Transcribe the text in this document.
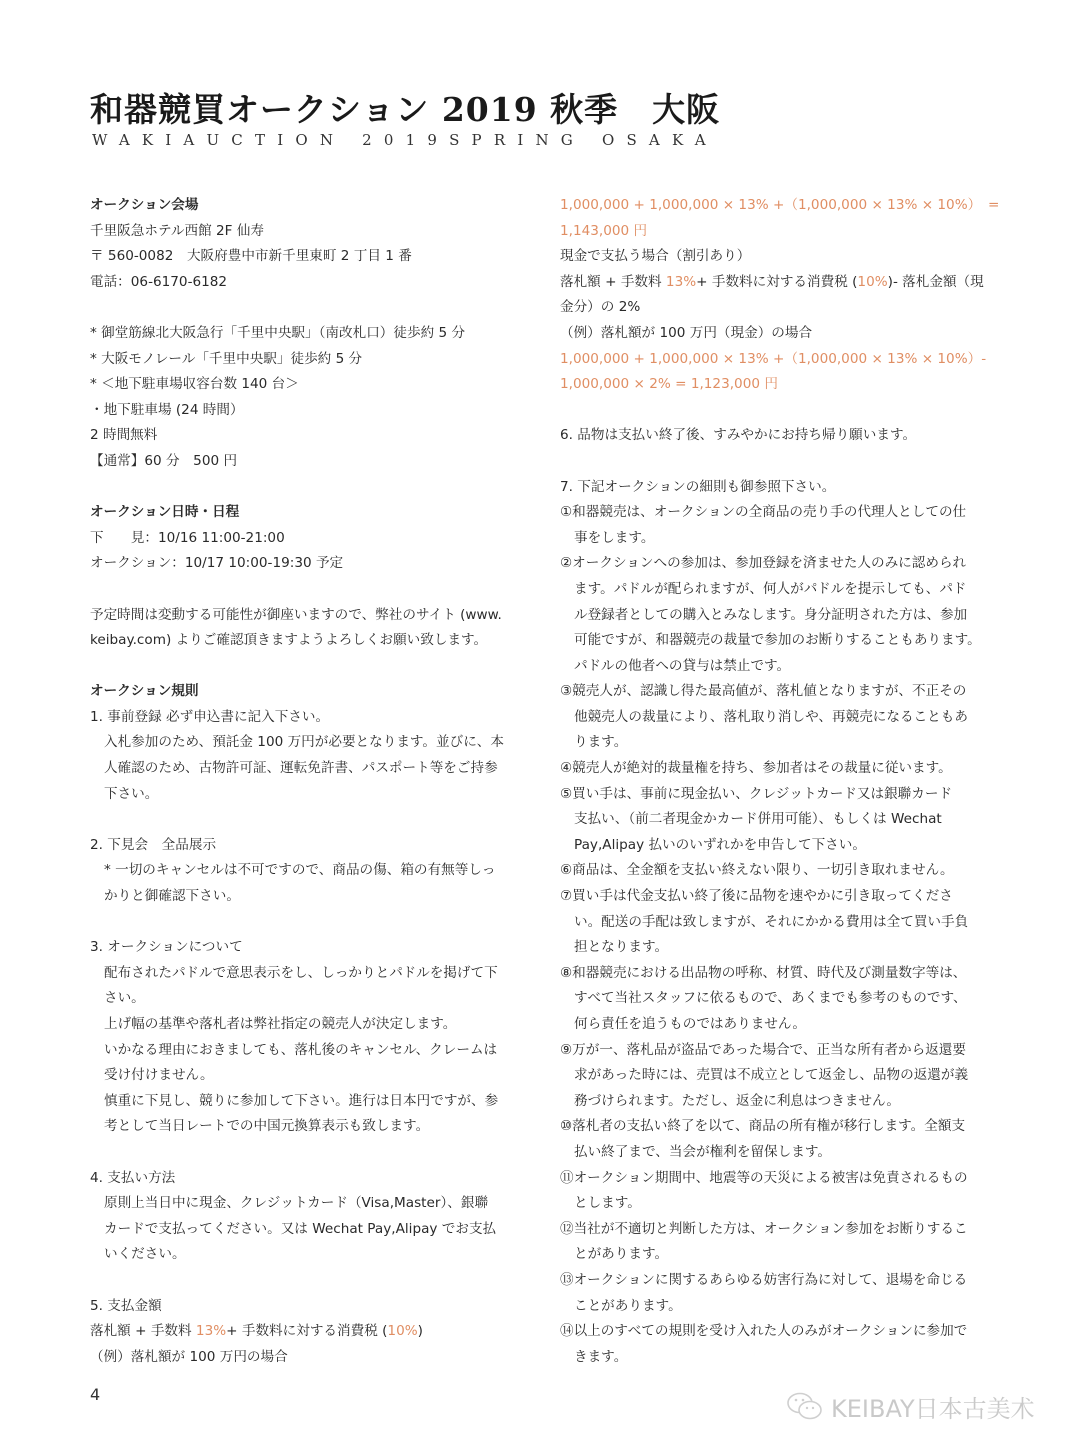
和器競買オークション 2019 秋季　大阪
WAKIAUCTION 2019SPRING OSAKA
オークション会場
千里阪急ホテル西館 2F 仙寿
〒 560-0082　大阪府豊中市新千里東町 2 丁目 1 番
電話：06-6170-6182
* 御堂筋線北大阪急行「千里中央駅」（南改札口）徒歩約 5 分
* 大阪モノレール「千里中央駅」徒歩約 5 分
* ＜地下駐車場収容台数 140 台＞
・地下駐車場 (24 時間）
2 時間無料
【通常】60 分　500 円
オークション日時・日程
下　　見：10/16 11:00-21:00
オークション：10/17 10:00-19:30 予定
予定時間は変動する可能性が御座いますので、弊社のサイト (www.
keibay.com) よりご確認頂きますようよろしくお願い致します。
オークション規則
1. 事前登録 必ず申込書に記入下さい。
入札参加のため、預託金 100 万円が必要となります。並びに、本
人確認のため、古物許可証、運転免許書、パスポート等をご持参
下さい。
2. 下見会　全品展示
* 一切のキャンセルは不可ですので、商品の傷、箱の有無等しっ
かりと御確認下さい。
3. オークションについて
配布されたパドルで意思表示をし、しっかりとパドルを掲げて下
さい。
上げ幅の基準や落札者は弊社指定の競売人が決定します。
いかなる理由におきましても、落札後のキャンセル、クレームは
受け付けません。
慎重に下見し、競りに参加して下さい。進行は日本円ですが、参
考として当日レートでの中国元換算表示も致します。
4. 支払い方法
原則上当日中に現金、クレジットカード（Visa,Master）、銀聯
カードで支払ってください。又は Wechat Pay,Alipay でお支払
いください。
5. 支払金額
落札額 + 手数料 13%+ 手数料に対する消費税 (10%)
（例）落札額が 100 万円の場合
1,000,000 + 1,000,000 × 13% +（1,000,000 × 13% × 10%）　=
1,143,000 円
現金で支払う場合（割引あり）
落札額 + 手数料 13%+ 手数料に対する消費税 (10%)- 落札金額（現
金分）の 2%
（例）落札額が 100 万円（現金）の場合
1,000,000 + 1,000,000 × 13% +（1,000,000 × 13% × 10%）-
1,000,000 × 2% = 1,123,000 円
6. 品物は支払い終了後、すみやかにお持ち帰り願います。
7. 下記オークションの細則も御参照下さい。
①和器競売は、オークションの全商品の売り手の代理人としての仕
事をします。
②オークションへの参加は、参加登録を済ませた人のみに認められ
ます。パドルが配られますが、何人がパドルを提示しても、パド
ル登録者としての購入とみなします。身分証明された方は、参加
可能ですが、和器競売の裁量で参加のお断りすることもあります。
パドルの他者への貸与は禁止です。
③競売人が、認識し得た最高値が、落札値となりますが、不正その
他競売人の裁量により、落札取り消しや、再競売になることもあ
ります。
④競売人が絶対的裁量権を持ち、参加者はその裁量に従います。
⑤買い手は、事前に現金払い、クレジットカード又は銀聯カード
支払い、（前二者現金かカード併用可能）、もしくは Wechat
Pay,Alipay 払いのいずれかを申告して下さい。
⑥商品は、全金額を支払い終えない限り、一切引き取れません。
⑦買い手は代金支払い終了後に品物を速やかに引き取ってくださ
い。配送の手配は致しますが、それにかかる費用は全て買い手負
担となります。
⑧和器競売における出品物の呼称、材質、時代及び測量数字等は、
すべて当社スタッフに依るもので、あくまでも参考のものです、
何ら責任を追うものではありません。
⑨万が一、落札品が盗品であった場合で、正当な所有者から返還要
求があった時には、売買は不成立として返金し、品物の返還が義
務づけられます。ただし、返金に利息はつきません。
⑩落札者の支払い終了を以て、商品の所有権が移行します。全額支
払い終了まで、当会が権利を留保します。
⑪オークション期間中、地震等の天災による被害は免責されるもの
とします。
⑫当社が不適切と判断した方は、オークション参加をお断りするこ
とがあります。
⑬オークションに関するあらゆる妨害行為に対して、退場を命じる
ことがあります。
⑭以上のすべての規則を受け入れた人のみがオークションに参加で
きます。
4
KEIBAY日本古美术
